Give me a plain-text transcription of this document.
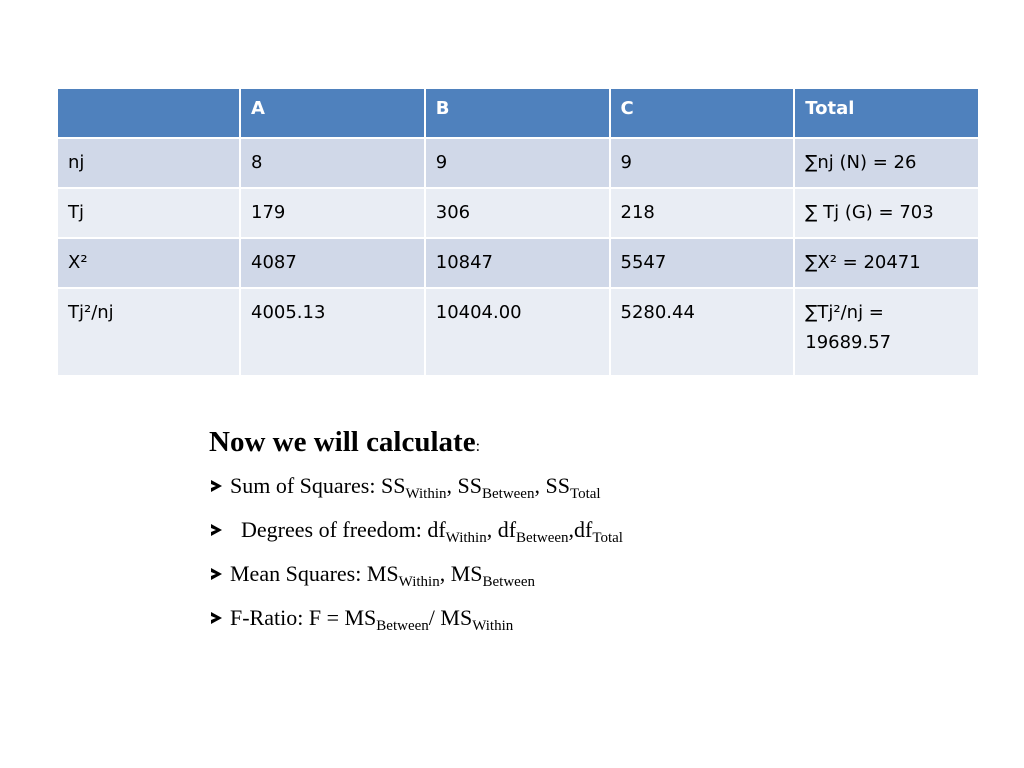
	A	B	C	Total
nj	8	9	9	∑nj (N) = 26
Tj	179	306	218	∑ Tj (G) = 703
X²	4087	10847	5547	∑X² = 20471
Tj²/nj	4005.13	10404.00	5280.44	∑Tj²/nj = 19689.57
Now we will calculate:
Sum of Squares: $SS_{Within}$, $SS_{Between}$, $SS_{Total}$
Degrees of freedom: $df_{Within}$, $df_{Between},df_{Total}$
Mean Squares: $MS_{Within}$, $MS_{Between}$
F-Ratio: $F = MS_{Between}/$ $MS_{Within}$
